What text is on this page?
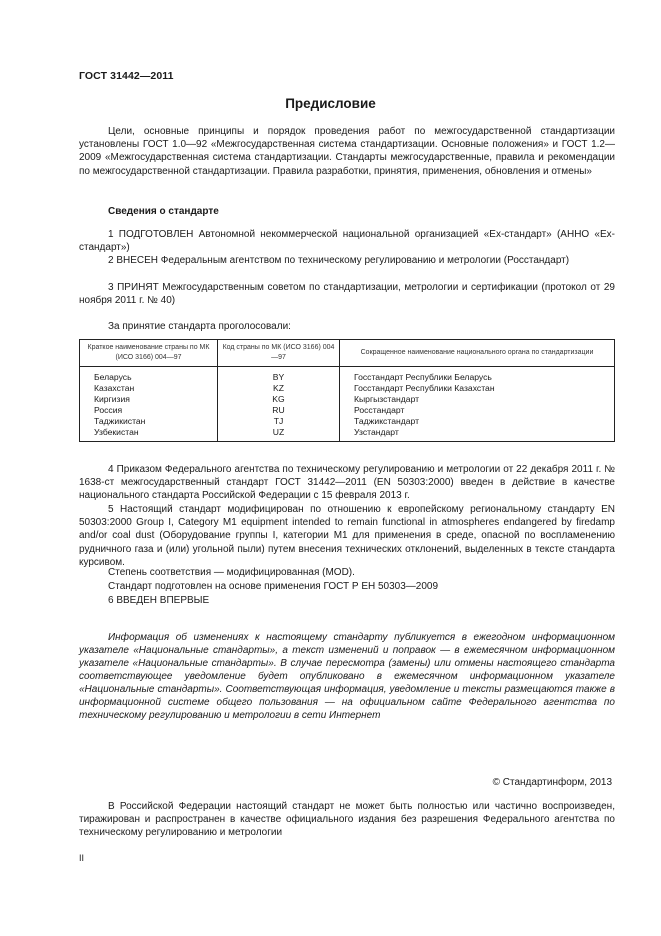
ГОСТ 31442—2011
Предисловие
Цели, основные принципы и порядок проведения работ по межгосударственной стандартизации установлены ГОСТ 1.0—92 «Межгосударственная система стандартизации. Основные положения» и ГОСТ 1.2—2009 «Межгосударственная система стандартизации. Стандарты межгосударственные, правила и рекомендации по межгосударственной стандартизации. Правила разработки, принятия, применения, обновления и отмены»
Сведения о стандарте
1 ПОДГОТОВЛЕН Автономной некоммерческой национальной организацией «Ех-стандарт» (АННО «Ех-стандарт»)
2 ВНЕСЕН Федеральным агентством по техническому регулированию и метрологии (Росстандарт)
3 ПРИНЯТ Межгосударственным советом по стандартизации, метрологии и сертификации (протокол от 29 ноября 2011 г. № 40)
За принятие стандарта проголосовали:
Краткое наименование страны по МК (ИСО 3166) 004—97	Код страны по МК (ИСО 3166) 004—97	Сокращенное наименование национального органа по стандартизации
Беларусь	BY	Госстандарт Республики Беларусь
Казахстан	KZ	Госстандарт Республики Казахстан
Киргизия	KG	Кыргызстандарт
Россия	RU	Росстандарт
Таджикистан	TJ	Таджикстандарт
Узбекистан	UZ	Узстандарт
4 Приказом Федерального агентства по техническому регулированию и метрологии от 22 декабря 2011 г. № 1638-ст межгосударственный стандарт ГОСТ 31442—2011 (EN 50303:2000) введен в действие в качестве национального стандарта Российской Федерации с 15 февраля 2013 г.
5 Настоящий стандарт модифицирован по отношению к европейскому региональному стандарту EN 50303:2000 Group I, Category M1 equipment intended to remain functional in atmospheres endangered by firedamp and/or coal dust (Оборудование группы I, категории M1 для применения в среде, опасной по воспламенению рудничного газа и (или) угольной пыли) путем внесения технических отклонений, выделенных в тексте стандарта курсивом.
Степень соответствия — модифицированная (MOD).
Стандарт подготовлен на основе применения ГОСТ Р ЕН 50303—2009
6 ВВЕДЕН ВПЕРВЫЕ
Информация об изменениях к настоящему стандарту публикуется в ежегодном информационном указателе «Национальные стандарты», а текст изменений и поправок — в ежемесячном информационном указателе «Национальные стандарты». В случае пересмотра (замены) или отмены настоящего стандарта соответствующее уведомление будет опубликовано в ежемесячном информационном указателе «Национальные стандарты». Соответствующая информация, уведомление и тексты размещаются также в информационной системе общего пользования — на официальном сайте Федерального агентства по техническому регулированию и метрологии в сети Интернет
© Стандартинформ, 2013
В Российской Федерации настоящий стандарт не может быть полностью или частично воспроизведен, тиражирован и распространен в качестве официального издания без разрешения Федерального агентства по техническому регулированию и метрологии
II
